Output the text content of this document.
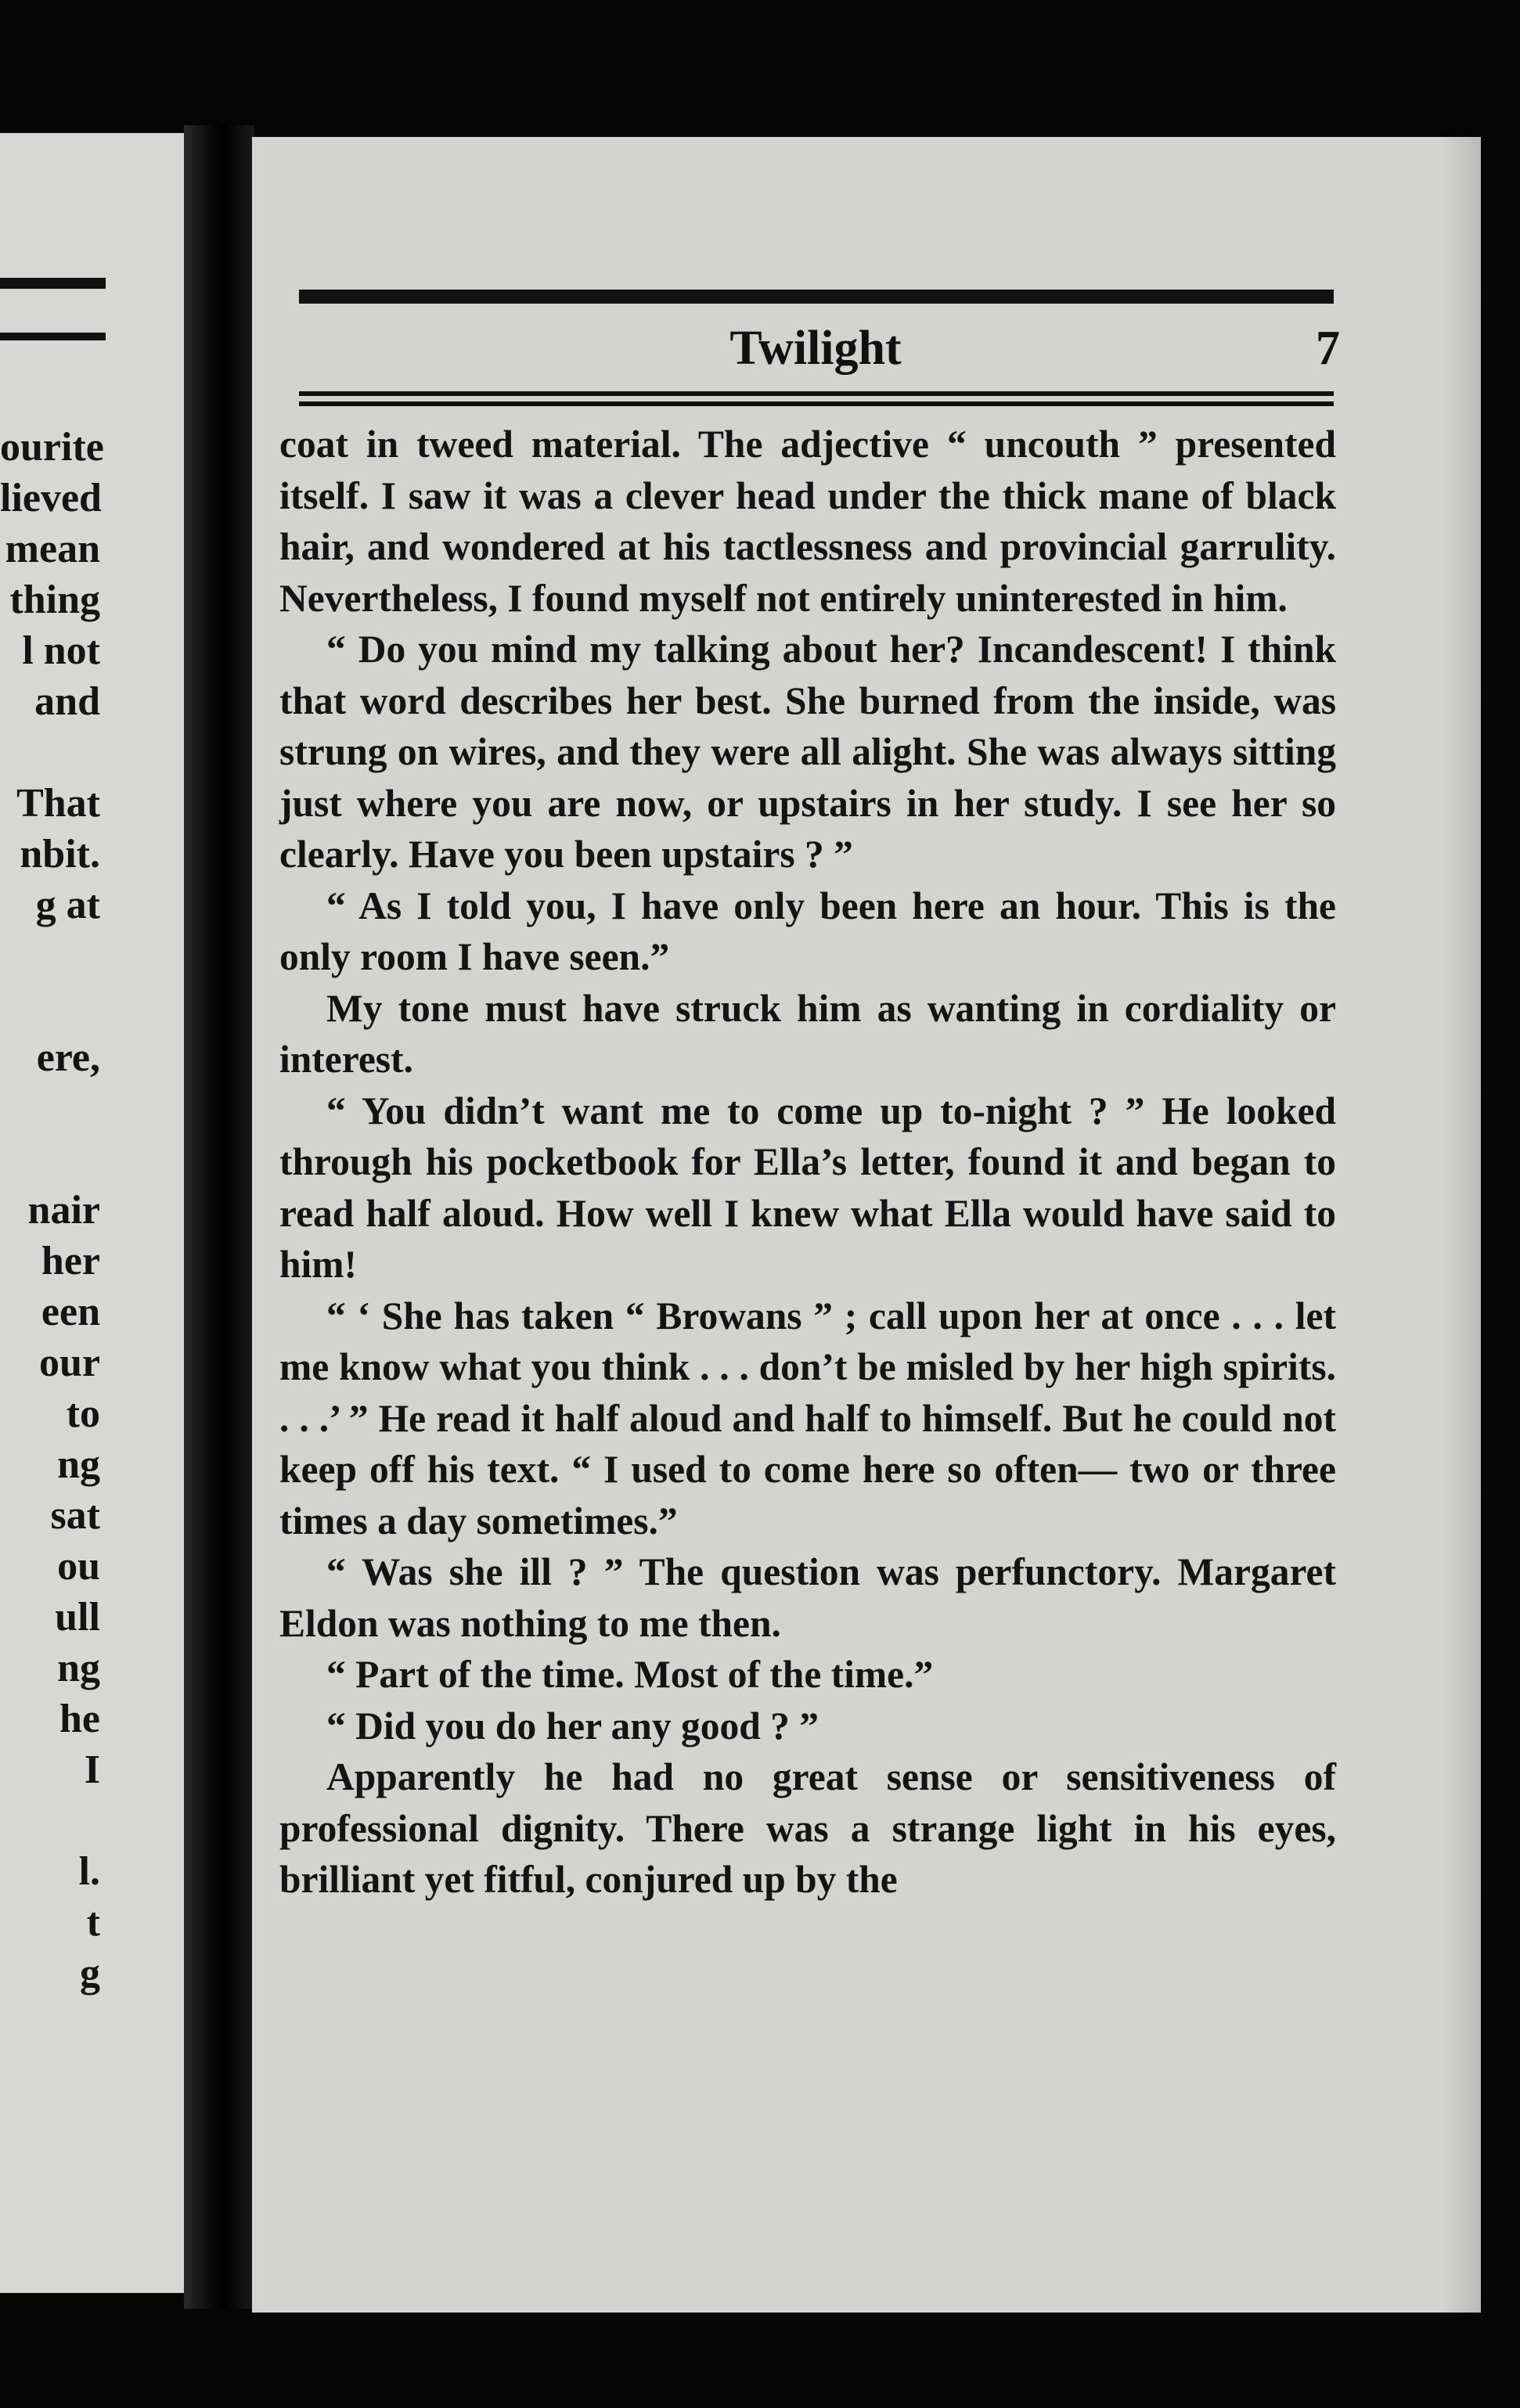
ourite
lieved
mean
thing
l not
and
That
nbit.
g at
ere,
nair
her
een
our
to
ng
sat
ou
ull
ng
he
I
l.
t
g
Twilight	7

coat in tweed material. The adjective “ uncouth ” presented itself. I saw it was a clever head under the thick mane of black hair, and wondered at his tactlessness and provincial garrulity. Nevertheless, I found myself not entirely uninterested in him.

“ Do you mind my talking about her? Incandescent! I think that word describes her best. She burned from the inside, was strung on wires, and they were all alight. She was always sitting just where you are now, or upstairs in her study. I see her so clearly. Have you been upstairs ? ”

“ As I told you, I have only been here an hour. This is the only room I have seen.”

My tone must have struck him as wanting in cordiality or interest.

“ You didn’t want me to come up to-night ? ” He looked through his pocketbook for Ella’s letter, found it and began to read half aloud. How well I knew what Ella would have said to him!

“ ‘ She has taken “ Browans ” ; call upon her at once . . . let me know what you think . . . don’t be misled by her high spirits. . . .’ ” He read it half aloud and half to himself. But he could not keep off his text. “ I used to come here so often— two or three times a day sometimes.”

“ Was she ill ? ” The question was perfunctory. Margaret Eldon was nothing to me then.

“ Part of the time. Most of the time.”

“ Did you do her any good ? ”

Apparently he had no great sense or sensitiveness of professional dignity. There was a strange light in his eyes, brilliant yet fitful, conjured up by the
